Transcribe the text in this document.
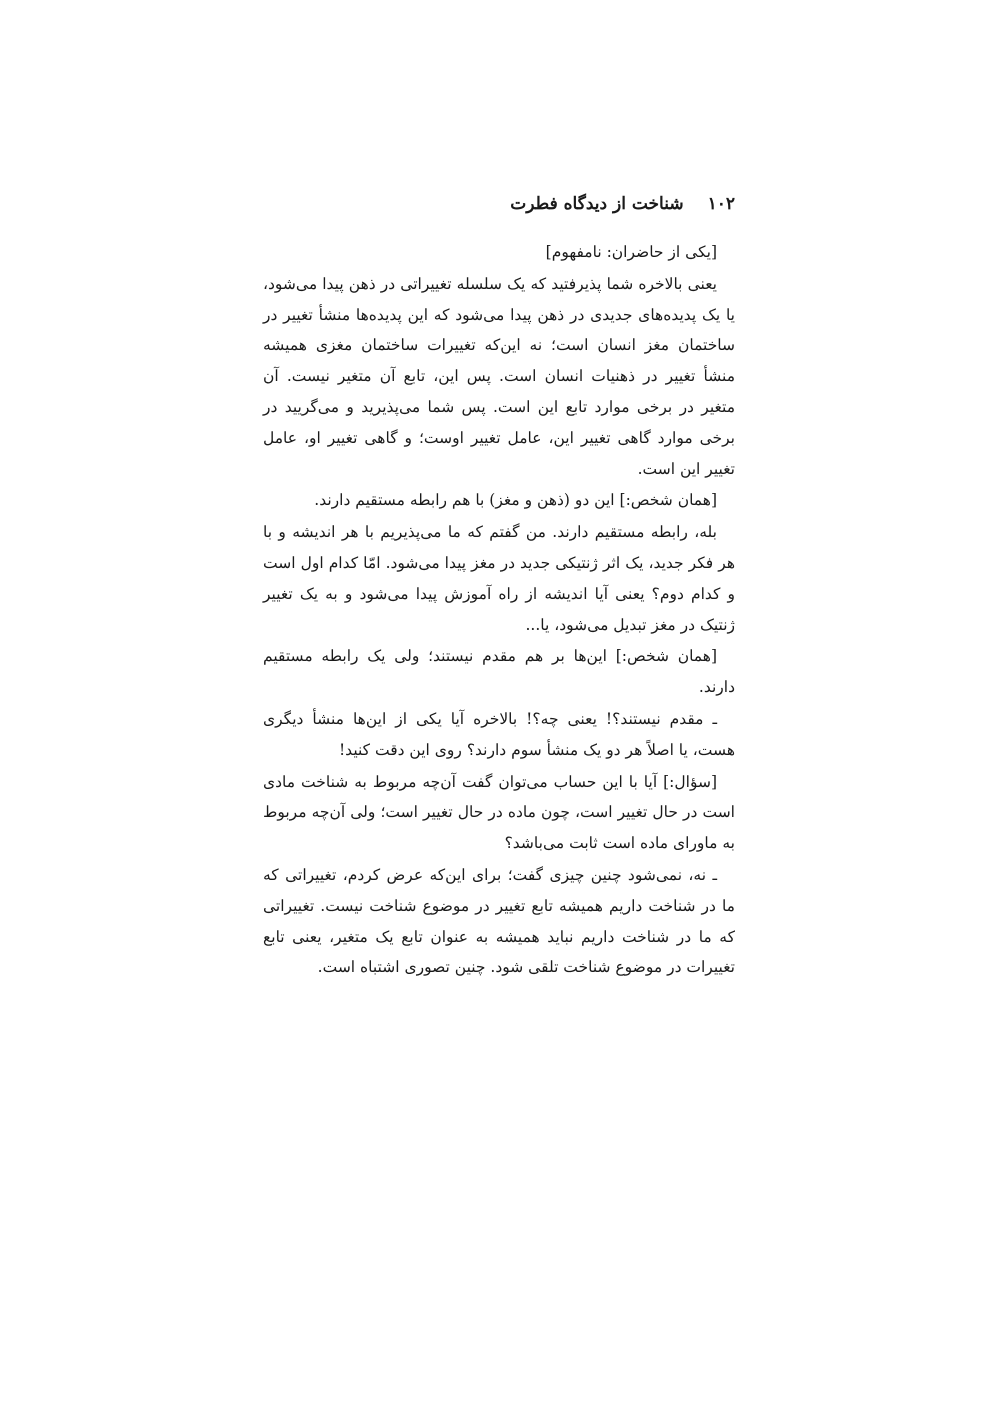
۱۰۲
شناخت از دیدگاه فطرت

[یکی از حاضران: نامفهوم]

یعنی بالاخره شما پذیرفتید که یک سلسله تغییراتی در ذهن پیدا می‌شود، یا یک پدیده‌های جدیدی در ذهن پیدا می‌شود که این پدیده‌ها منشأ تغییر در ساختمان مغز انسان است؛ نه این‌که تغییرات ساختمان مغزی همیشه منشأ تغییر در ذهنیات انسان است. پس این، تابع آن متغیر نیست. آن متغیر در برخی موارد تابع این است. پس شما می‌پذیرید و می‌گریید در برخی موارد گاهی تغییر این، عامل تغییر اوست؛ و گاهی تغییر او، عامل تغییر این است.

[همان شخص:] این دو (ذهن و مغز) با هم رابطه مستقیم دارند.

بله، رابطه مستقیم دارند. من گفتم که ما می‌پذیریم با هر اندیشه و با هر فکر جدید، یک اثر ژنتیکی جدید در مغز پیدا می‌شود. امّا کدام اول است و کدام دوم؟ یعنی آیا اندیشه از راه آموزش پیدا می‌شود و به یک تغییر ژنتیک در مغز تبدیل می‌شود، یا...

[همان شخص:] این‌ها بر هم مقدم نیستند؛ ولی یک رابطه مستقیم دارند.

ـ مقدم نیستند؟! یعنی چه؟! بالاخره آیا یکی از این‌ها منشأ دیگری هست، یا اصلاً هر دو یک منشأ سوم دارند؟ روی این دقت کنید!

[سؤال:] آیا با این حساب می‌توان گفت آن‌چه مربوط به شناخت مادی است در حال تغییر است، چون ماده در حال تغییر است؛ ولی آن‌چه مربوط به ماورای ماده است ثابت می‌باشد؟

ـ نه، نمی‌شود چنین چیزی گفت؛ برای این‌که عرض کردم، تغییراتی که ما در شناخت داریم همیشه تابع تغییر در موضوع شناخت نیست. تغییراتی که ما در شناخت داریم نباید همیشه به عنوان تابع یک متغیر، یعنی تابع تغییرات در موضوع شناخت تلقی شود. چنین تصوری اشتباه است.
